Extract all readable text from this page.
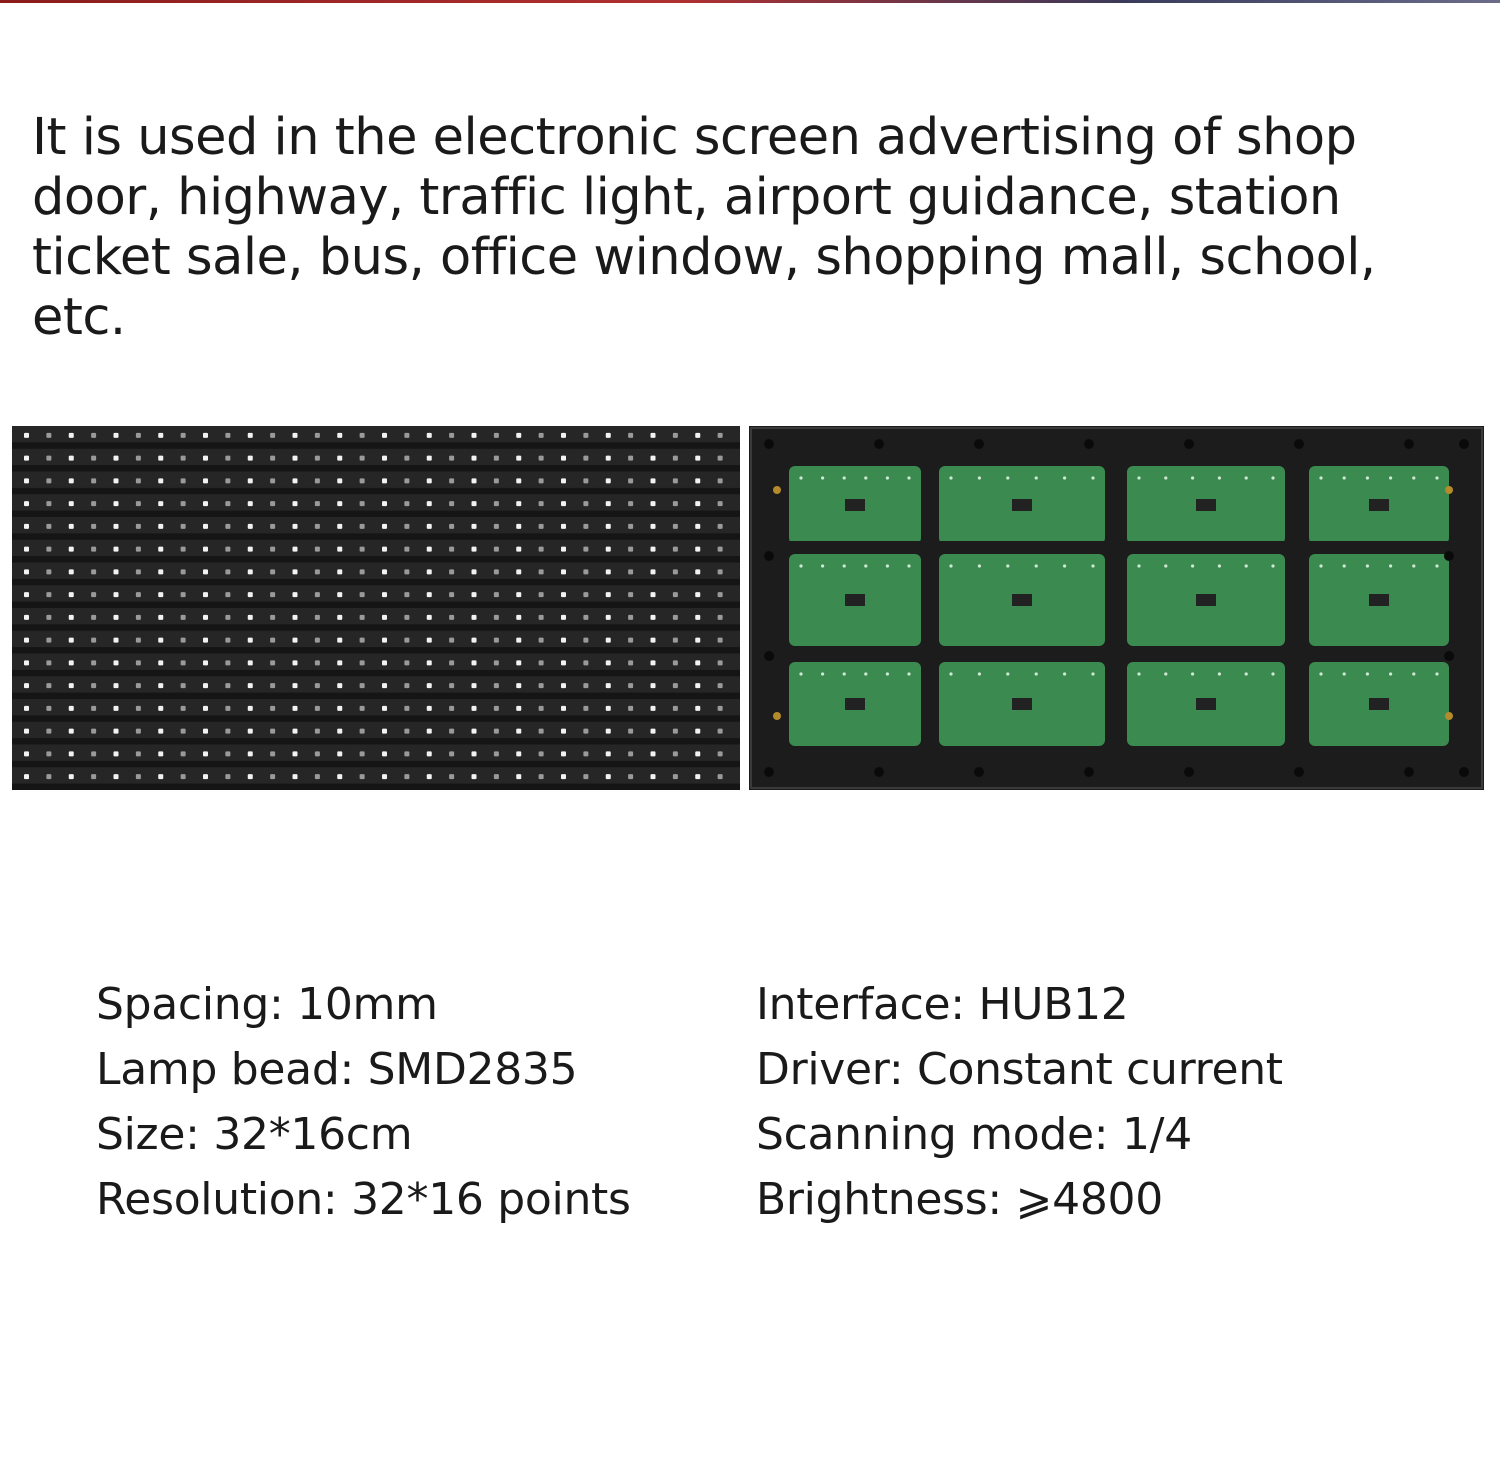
It is used in the electronic screen advertising of shop door, highway, traffic light, airport guidance, station ticket sale, bus, office window, shopping mall, school, etc.

Spacing: 10mm
Lamp bead: SMD2835
Size: 32*16cm
Resolution: 32*16 points
Interface: HUB12
Driver: Constant current
Scanning mode: 1/4
Brightness: ⩾4800
